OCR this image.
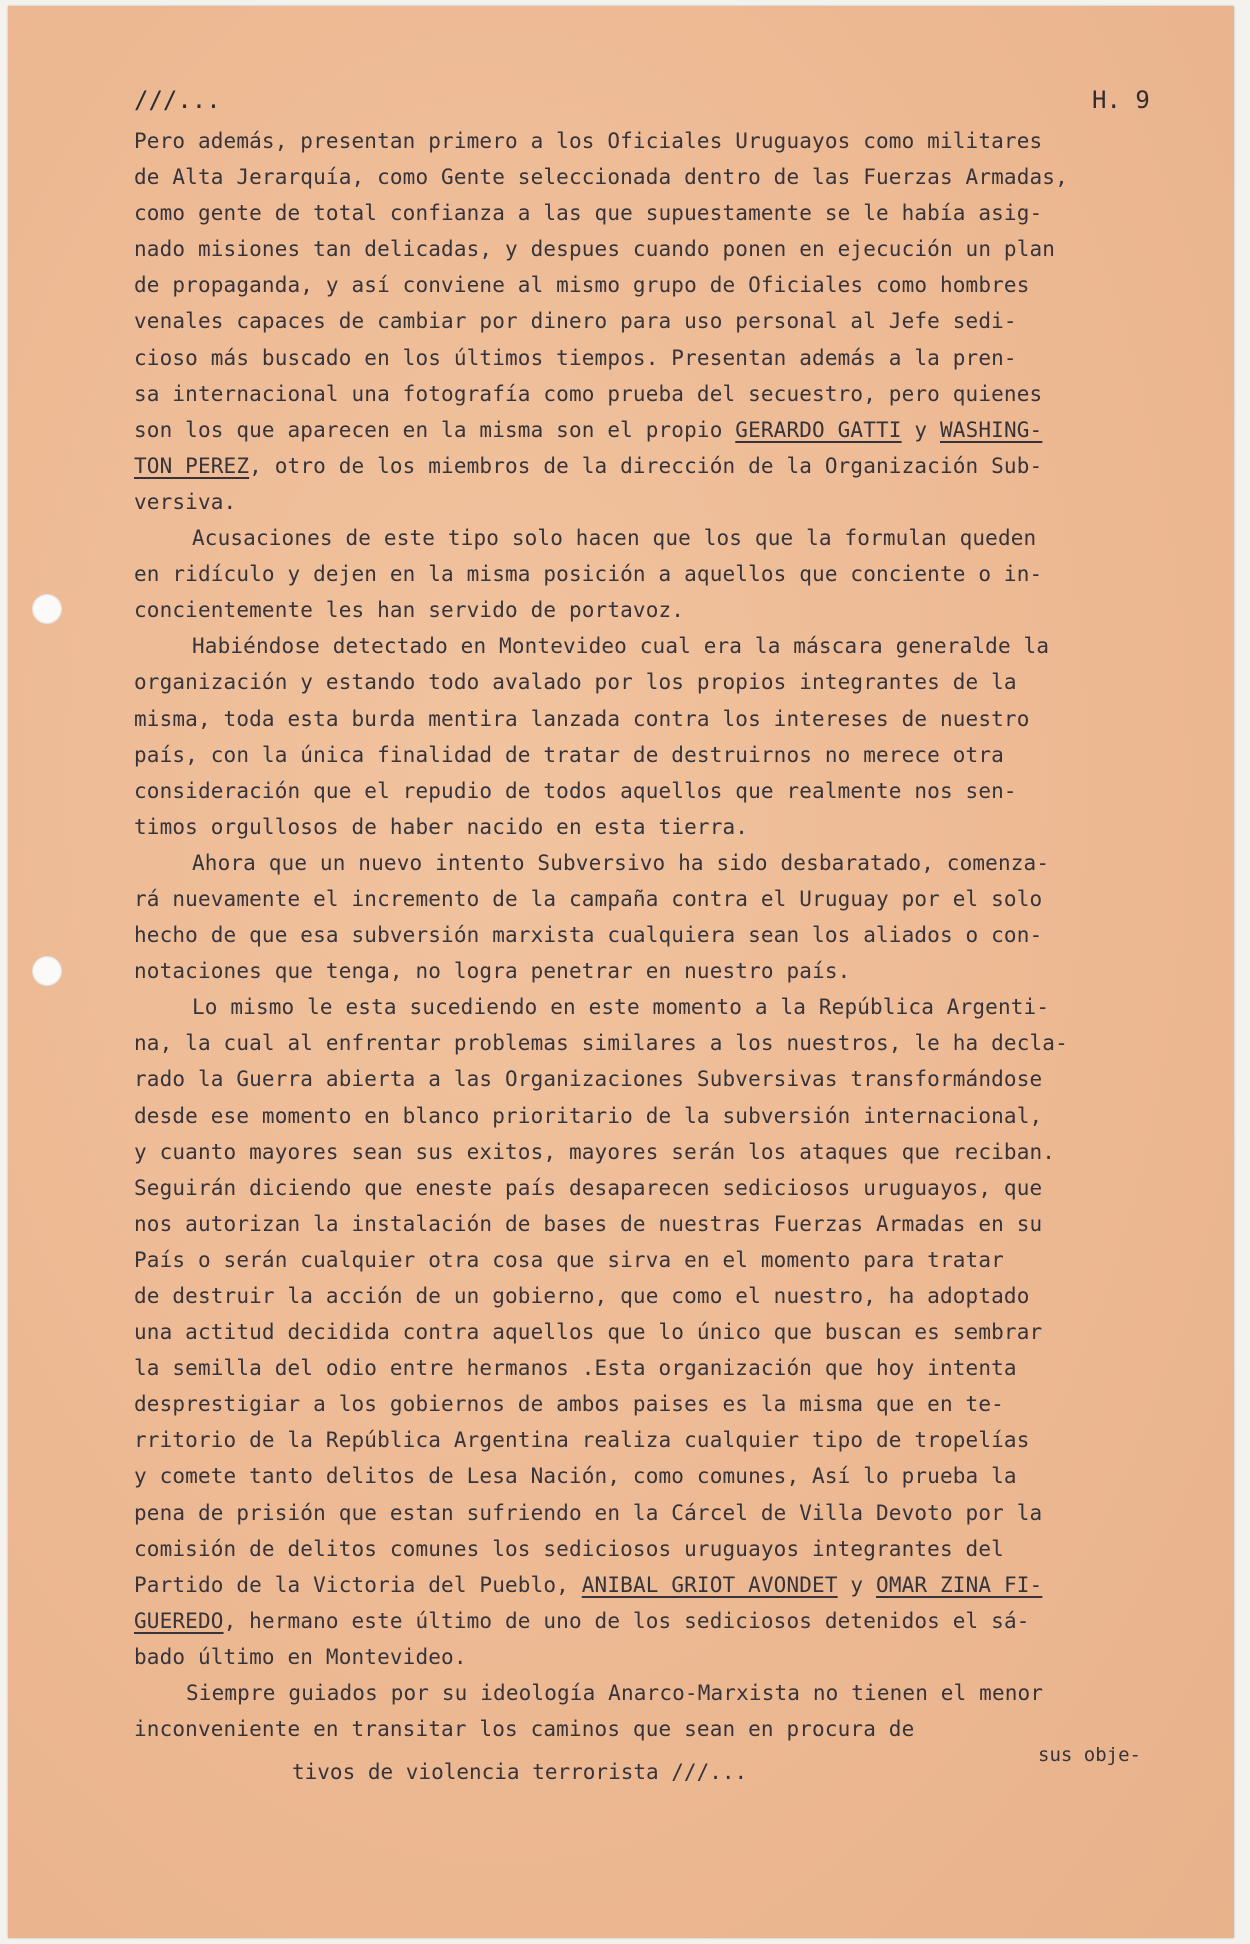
///...	H. 9
Pero además, presentan primero a los Oficiales Uruguayos como militares
de Alta Jerarquía, como Gente seleccionada dentro de las Fuerzas Armadas,
como gente de total confianza a las que supuestamente se le había asig-
nado misiones tan delicadas, y despues cuando ponen en ejecución un plan
de propaganda, y así conviene al mismo grupo de Oficiales como hombres
venales capaces de cambiar por dinero para uso personal al Jefe sedi-
cioso más buscado en los últimos tiempos. Presentan además a la pren-
sa internacional una fotografía como prueba del secuestro, pero quienes
son los que aparecen en la misma son el propio GERARDO GATTI y WASHING-
TON PEREZ, otro de los miembros de la dirección de la Organización Sub-
versiva.
Acusaciones de este tipo solo hacen que los que la formulan queden
en ridículo y dejen en la misma posición a aquellos que conciente o in-
concientemente les han servido de portavoz.
Habiéndose detectado en Montevideo cual era la máscara generalde la
organización y estando todo avalado por los propios integrantes de la
misma, toda esta burda mentira lanzada contra los intereses de nuestro
país, con la única finalidad de tratar de destruirnos no merece otra
consideración que el repudio de todos aquellos que realmente nos sen-
timos orgullosos de haber nacido en esta tierra.
Ahora que un nuevo intento Subversivo ha sido desbaratado, comenza-
rá nuevamente el incremento de la campaña contra el Uruguay por el solo
hecho de que esa subversión marxista cualquiera sean los aliados o con-
notaciones que tenga, no logra penetrar en nuestro país.
Lo mismo le esta sucediendo en este momento a la República Argenti-
na, la cual al enfrentar problemas similares a los nuestros, le ha decla-
rado la Guerra abierta a las Organizaciones Subversivas transformándose
desde ese momento en blanco prioritario de la subversión internacional,
y cuanto mayores sean sus exitos, mayores serán los ataques que reciban.
Seguirán diciendo que eneste país desaparecen sediciosos uruguayos, que
nos autorizan la instalación de bases de nuestras Fuerzas Armadas en su
País o serán cualquier otra cosa que sirva en el momento para tratar
de destruir la acción de un gobierno, que como el nuestro, ha adoptado
una actitud decidida contra aquellos que lo único que buscan es sembrar
la semilla del odio entre hermanos .Esta organización que hoy intenta
desprestigiar a los gobiernos de ambos paises es la misma que en te-
rritorio de la República Argentina realiza cualquier tipo de tropelías
y comete tanto delitos de Lesa Nación, como comunes, Así lo prueba la
pena de prisión que estan sufriendo en la Cárcel de Villa Devoto por la
comisión de delitos comunes los sediciosos uruguayos integrantes del
Partido de la Victoria del Pueblo, ANIBAL GRIOT AVONDET y OMAR ZINA FI-
GUEREDO, hermano este último de uno de los sediciosos detenidos el sá-
bado último en Montevideo.
Siempre guiados por su ideología Anarco-Marxista no tienen el menor
inconveniente en transitar los caminos que sean en procura de
sus obje-
tivos de violencia terrorista ///...
